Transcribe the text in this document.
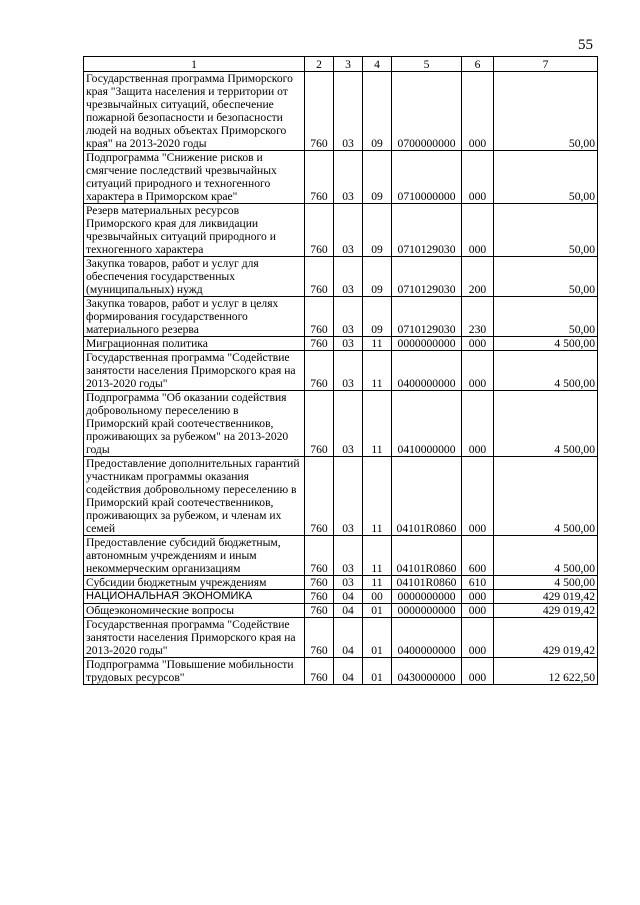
55
1	2	3	4	5	6	7
Государственная программа Приморского края "Защита населения и территории от чрезвычайных ситуаций, обеспечение пожарной безопасности и безопасности людей на водных объектах Приморского края" на 2013-2020 годы	760	03	09	0700000000	000	50,00
Подпрограмма "Снижение рисков и смягчение последствий чрезвычайных ситуаций природного и техногенного характера в Приморском крае"	760	03	09	0710000000	000	50,00
Резерв материальных ресурсов Приморского края для ликвидации чрезвычайных ситуаций природного и техногенного характера	760	03	09	0710129030	000	50,00
Закупка товаров, работ и услуг для обеспечения государственных (муниципальных) нужд	760	03	09	0710129030	200	50,00
Закупка товаров, работ и услуг в целях формирования государственного материального резерва	760	03	09	0710129030	230	50,00
Миграционная политика	760	03	11	0000000000	000	4 500,00
Государственная программа "Содействие занятости населения Приморского края на 2013-2020 годы"	760	03	11	0400000000	000	4 500,00
Подпрограмма "Об оказании содействия добровольному переселению в Приморский край соотечественников, проживающих за рубежом" на 2013-2020 годы	760	03	11	0410000000	000	4 500,00
Предоставление дополнительных гарантий участникам программы оказания содействия добровольному переселению в Приморский край соотечественников, проживающих за рубежом, и членам их семей	760	03	11	04101R0860	000	4 500,00
Предоставление субсидий бюджетным, автономным учреждениям и иным некоммерческим организациям	760	03	11	04101R0860	600	4 500,00
Субсидии бюджетным учреждениям	760	03	11	04101R0860	610	4 500,00
НАЦИОНАЛЬНАЯ ЭКОНОМИКА	760	04	00	0000000000	000	429 019,42
Общеэкономические вопросы	760	04	01	0000000000	000	429 019,42
Государственная программа "Содействие занятости населения Приморского края на 2013-2020 годы"	760	04	01	0400000000	000	429 019,42
Подпрограмма "Повышение мобильности трудовых ресурсов"	760	04	01	0430000000	000	12 622,50
